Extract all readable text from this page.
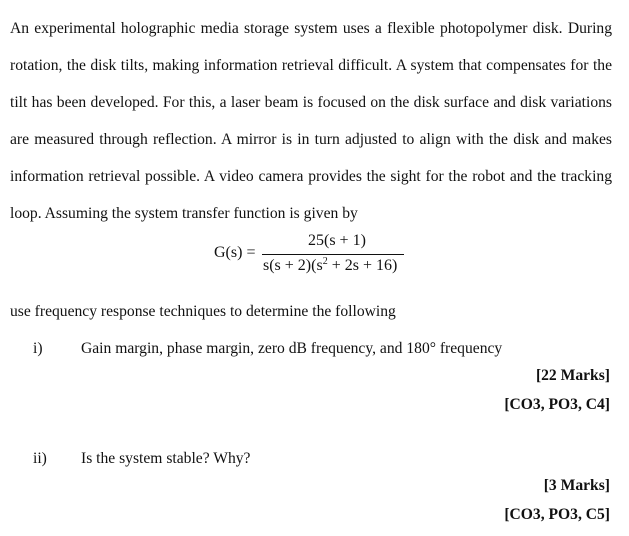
An experimental holographic media storage system uses a flexible photopolymer disk. During rotation, the disk tilts, making information retrieval difficult. A system that compensates for the tilt has been developed. For this, a laser beam is focused on the disk surface and disk variations are measured through reflection. A mirror is in turn adjusted to align with the disk and makes information retrieval possible. A video camera provides the sight for the robot and the tracking loop. Assuming the system transfer function is given by

G(s) =
25(s + 1)
$s(s + 2)(s^2 + 2s + 16)$

use frequency response techniques to determine the following

i) Gain margin, phase margin, zero dB frequency, and 180° frequency
[22 Marks]
[CO3, PO3, C4]
ii) Is the system stable? Why?
[3 Marks]
[CO3, PO3, C5]
